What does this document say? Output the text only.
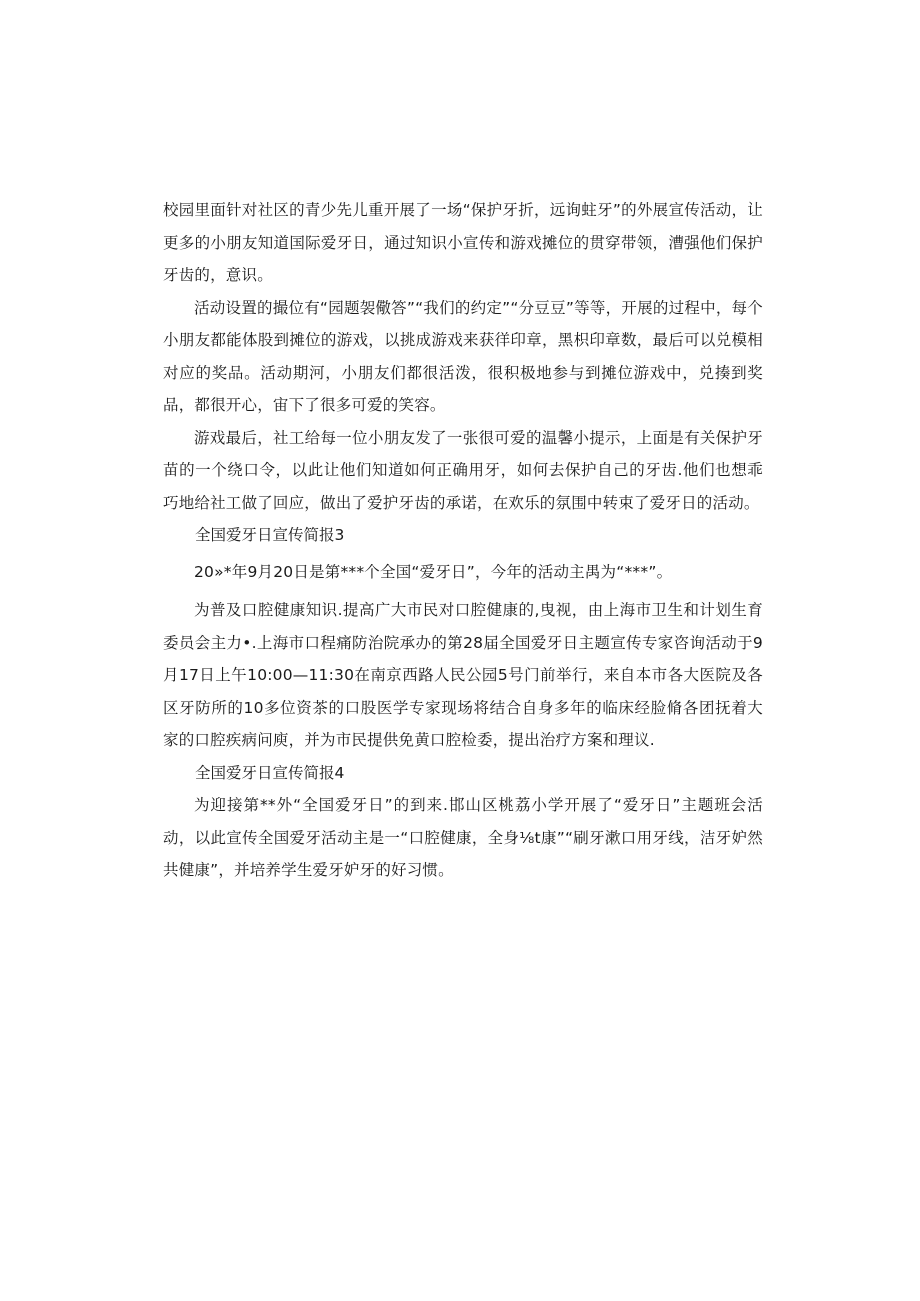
校园里面针对社区的青少先儿重开展了一场“保护牙折，远询蛀牙”的外展宣传活动，让更多的小朋友知道国际爱牙日，通过知识小宣传和游戏摊位的贯穿带领，漕强他们保护牙齿的，意识。

活动设置的撮位有“园题袈儆答”“我们的约定”“分豆豆”等等，开展的过程中，每个小朋友都能体股到摊位的游戏，以挑成游戏来获徉印章，黑枳印章数，最后可以兑模相对应的奖品。活动期河，小朋友们都很活泼，很积极地参与到摊位游戏中，兑揍到奖品，都很开心，宙下了很多可爱的笑容。

游戏最后，社工给每一位小朋友发了一张很可爱的温馨小提示，上面是有关保护牙苗的一个绕口令，以此让他们知道如何正确用牙，如何去保护自己的牙齿.他们也想乖巧地给社工做了回应，做出了爱护牙齿的承诺，在欢乐的氛围中转束了爱牙日的活动。

全国爱牙日宣传简报3

20»*年9月20日是第***个全国“爱牙日”，今年的活动主禺为“***”。

为普及口腔健康知识.提高广大市民对口腔健康的,曳视，由上海市卫生和计划生育委员会主力•.上海市口程痛防治院承办的第28届全国爱牙日主题宣传专家咨询活动于9月17日上午10:00—11:30在南京西路人民公园5号门前举行，来自本市各大医院及各区牙防所的10多位资茶的口股医学专家现场将结合自身多年的临床经脸脩各团抚着大家的口腔疾病问庾，并为市民提供免黄口腔检委，提出治疗方案和理议.

全国爱牙日宣传简报4

为迎接第**外“全国爱牙日”的到来.邯山区桃荔小学开展了“爱牙日”主题班会活动，以此宣传全国爱牙活动主是一“口腔健康，全身⅛t康”“刷牙漱口用牙线，洁牙妒然共健康”，并培养学生爱牙妒牙的好习惯。
